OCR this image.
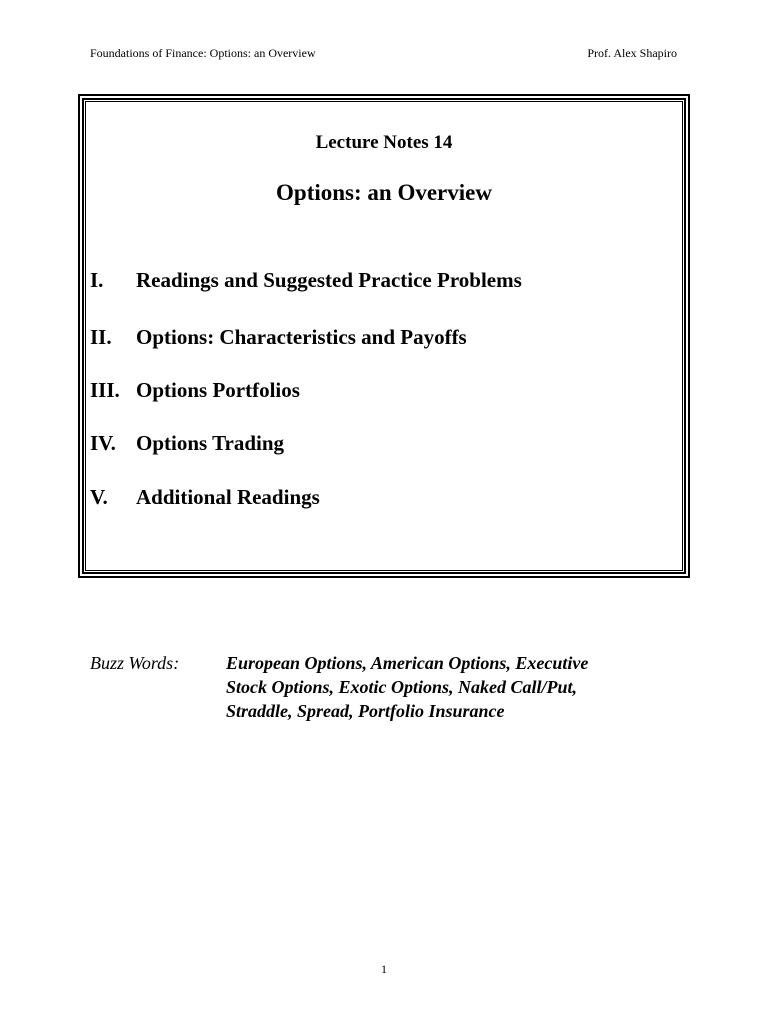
Foundations of Finance: Options: an Overview	Prof. Alex Shapiro
Lecture Notes 14
Options: an Overview
I. Readings and Suggested Practice Problems
II. Options: Characteristics and Payoffs
III. Options Portfolios
IV. Options Trading
V. Additional Readings
Buzz Words:	European Options, American Options, Executive
Stock Options, Exotic Options, Naked Call/Put,
Straddle, Spread, Portfolio Insurance
1
